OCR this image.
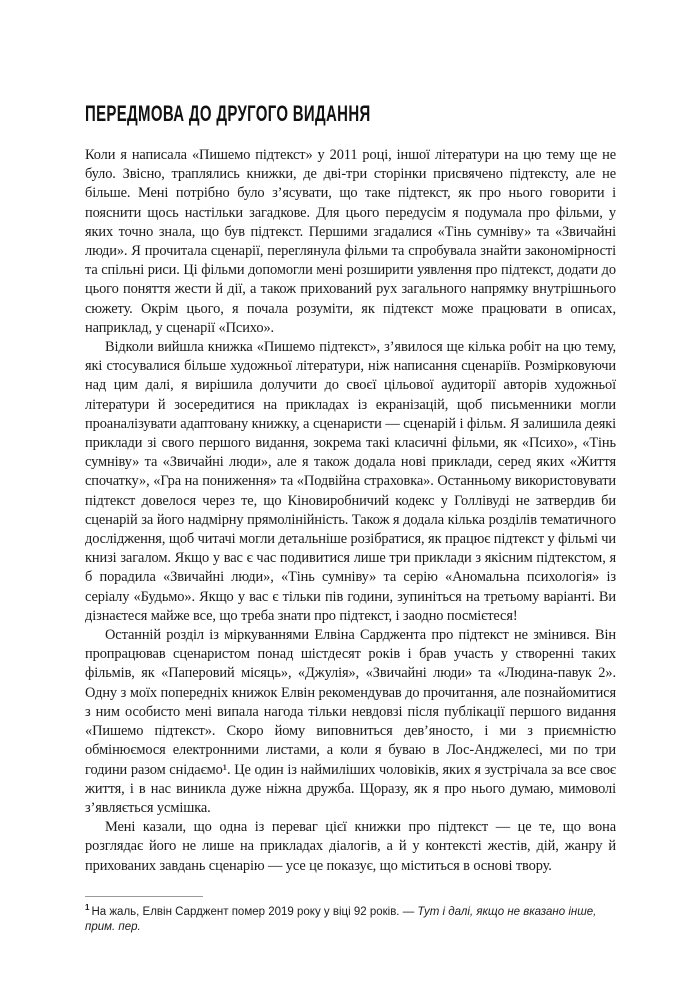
ПЕРЕДМОВА ДО ДРУГОГО ВИДАННЯ

Коли я написала «Пишемо підтекст» у 2011 році, іншої літератури на цю тему ще не було. Звісно, траплялись книжки, де дві-три сторінки присвячено підтексту, але не більше. Мені потрібно було з’ясувати, що таке підтекст, як про нього говорити і пояснити щось настільки загадкове. Для цього передусім я подумала про фільми, у яких точно знала, що був підтекст. Першими згадалися «Тінь сумніву» та «Звичайні люди». Я прочитала сценарії, переглянула фільми та спробувала знайти закономірності та спільні риси. Ці фільми допомогли мені розширити уявлення про підтекст, додати до цього поняття жести й дії, а також прихований рух загального напрямку внутрішнього сюжету. Окрім цього, я почала розуміти, як підтекст може працювати в описах, наприклад, у сценарії «Психо».

Відколи вийшла книжка «Пишемо підтекст», з’явилося ще кілька робіт на цю тему, які стосувалися більше художньої літератури, ніж написання сценаріїв. Розмірковуючи над цим далі, я вирішила долучити до своєї цільової аудиторії авторів художньої літератури й зосередитися на прикладах із екранізацій, щоб письменники могли проаналізувати адаптовану книжку, а сценаристи — сценарій і фільм. Я залишила деякі приклади зі свого першого видання, зокрема такі класичні фільми, як «Психо», «Тінь сумніву» та «Звичайні люди», але я також додала нові приклади, серед яких «Життя спочатку», «Гра на пониження» та «Подвійна страховка». Останньому використовувати підтекст довелося через те, що Кіновиробничий кодекс у Голлівуді не затвердив би сценарій за його надмірну прямолінійність. Також я додала кілька розділів тематичного дослідження, щоб читачі могли детальніше розібратися, як працює підтекст у фільмі чи книзі загалом. Якщо у вас є час подивитися лише три приклади з якісним підтекстом, я б порадила «Звичайні люди», «Тінь сумніву» та серію «Аномальна психологія» із серіалу «Будьмо». Якщо у вас є тільки пів години, зупиніться на третьому варіанті. Ви дізнаєтеся майже все, що треба знати про підтекст, і заодно посмієтеся!

Останній розділ із міркуваннями Елвіна Сарджента про підтекст не змінився. Він пропрацював сценаристом понад шістдесят років і брав участь у створенні таких фільмів, як «Паперовий місяць», «Джулія», «Звичайні люди» та «Людина-павук 2». Одну з моїх попередніх книжок Елвін рекомендував до прочитання, але познайомитися з ним особисто мені випала нагода тільки невдовзі після публікації першого видання «Пишемо підтекст». Скоро йому виповниться дев’яносто, і ми з приємністю обмінюємося електронними листами, а коли я буваю в Лос-Анджелесі, ми по три години разом снідаємо¹. Це один із наймиліших чоловіків, яких я зустрічала за все своє життя, і в нас виникла дуже ніжна дружба. Щоразу, як я про нього думаю, мимоволі з’являється усмішка.

Мені казали, що одна із переваг цієї книжки про підтекст — це те, що вона розглядає його не лише на прикладах діалогів, а й у контексті жестів, дій, жанру й прихованих завдань сценарію — усе це показує, що міститься в основі твору.

$^1$ На жаль, Елвін Сарджент помер 2019 року у віці 92 років. — Тут і далі, якщо не вказано інше, прим. пер.
